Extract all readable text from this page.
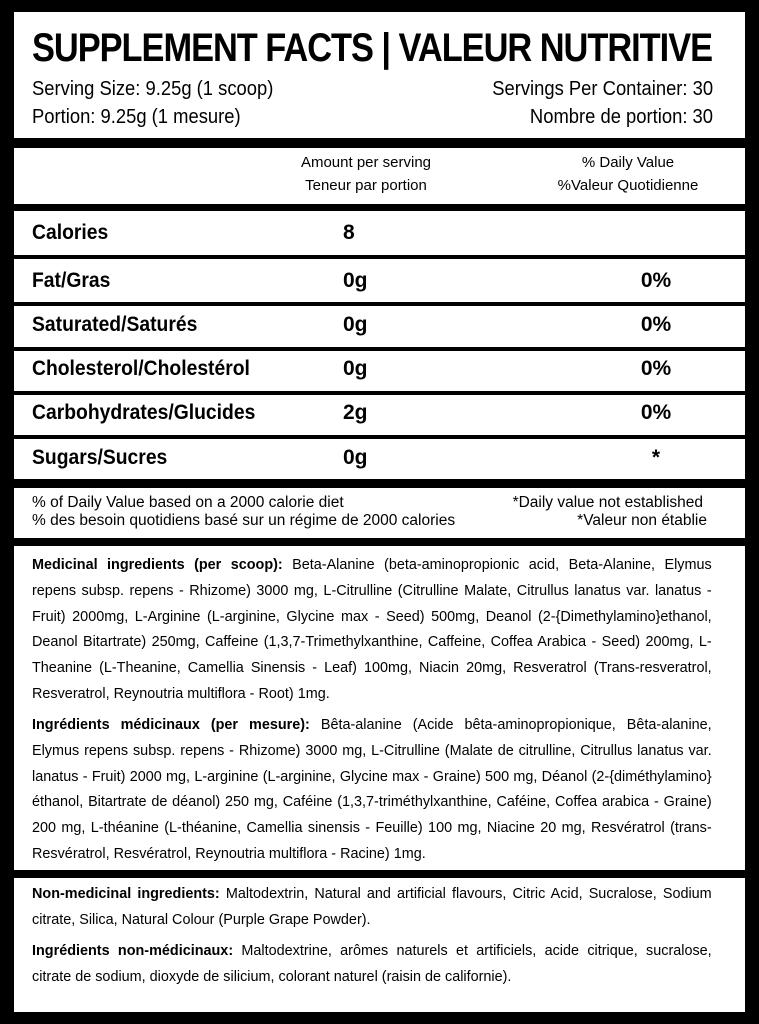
SUPPLEMENT FACTS | VALEUR NUTRITIVE
Serving Size: 9.25g (1 scoop)	Servings Per Container: 30
Portion: 9.25g (1 mesure)	Nombre de portion: 30
Amount per serving
Teneur par portion
% Daily Value
%Valeur Quotidienne
Calories	8
Fat/Gras	0g	0%
Saturated/Saturés	0g	0%
Cholesterol/Cholestérol	0g	0%
Carbohydrates/Glucides	2g	0%
Sugars/Sucres	0g	*
% of Daily Value based on a 2000 calorie diet
% des besoin quotidiens basé sur un régime de 2000 calories
*Daily value not established
*Valeur non établie
Medicinal ingredients (per scoop): Beta-Alanine (beta-aminopropionic acid, Beta-Alanine, Elymus repens subsp. repens - Rhizome) 3000 mg, L-Citrulline (Citrulline Malate, Citrullus lanatus var. lanatus - Fruit) 2000mg, L-Arginine (L-arginine, Glycine max - Seed) 500mg, Deanol (2-{Dimethylamino}ethanol, Deanol Bitartrate) 250mg, Caffeine (1,3,7-Trimethylxanthine, Caffeine, Coffea Arabica - Seed) 200mg, L-Theanine (L-Theanine, Camellia Sinensis - Leaf) 100mg, Niacin 20mg, Resveratrol (Trans-resveratrol, Resveratrol, Reynoutria multiflora - Root) 1mg.
Ingrédients médicinaux (per mesure): Bêta-alanine (Acide bêta-aminopropionique, Bêta-alanine, Elymus repens subsp. repens - Rhizome) 3000 mg, L-Citrulline (Malate de citrulline, Citrullus lanatus var. lanatus - Fruit) 2000 mg, L-arginine (L-arginine, Glycine max - Graine) 500 mg, Déanol (2-{diméthylamino} éthanol, Bitartrate de déanol) 250 mg, Caféine (1,3,7-triméthylxanthine, Caféine, Coffea arabica - Graine) 200 mg, L-théanine (L-théanine, Camellia sinensis - Feuille) 100 mg, Niacine 20 mg, Resvératrol (trans-Resvératrol, Resvératrol, Reynoutria multiflora - Racine) 1mg.
Non-medicinal ingredients: Maltodextrin, Natural and artificial flavours, Citric Acid, Sucralose, Sodium citrate, Silica, Natural Colour (Purple Grape Powder).
Ingrédients non-médicinaux: Maltodextrine, arômes naturels et artificiels, acide citrique, sucralose, citrate de sodium, dioxyde de silicium, colorant naturel (raisin de californie).
